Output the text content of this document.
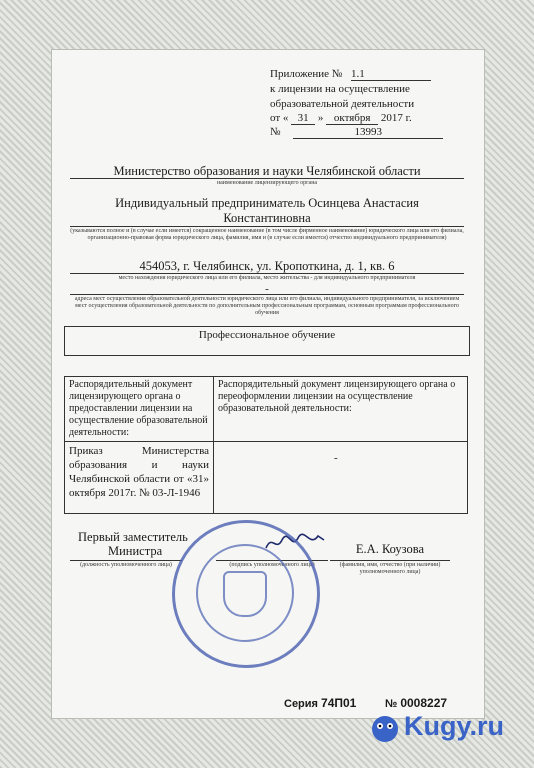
Приложение № 1.1
к лицензии на осуществление
образовательной деятельности
от « 31 » октября 2017 г.
№	13993
Министерство образования и науки Челябинской области
наименование лицензирующего органа
Индивидуальный предприниматель Осинцева Анастасия
Константиновна
(указываются полное и (в случае если имеется) сокращенное наименование (в том числе фирменное наименование) юридического лица или его филиала, организационно-правовая форма юридического лица, фамилия, имя и (в случае если имеется) отчество индивидуального предпринимателя)
454053, г. Челябинск, ул. Кропоткина, д. 1, кв. 6
место нахождения юридического лица или его филиала, место жительства - для индивидуального предпринимателя
-
адреса мест осуществления образовательной деятельности юридического лица или его филиала, индивидуального предпринимателя, за исключением мест осуществления образовательной деятельности по дополнительным профессиональным программам, основным программам профессионального обучения
Профессиональное обучение
Распорядительный документ лицензирующего органа о предоставлении лицензии на осуществление образовательной деятельности:	Распорядительный документ лицензирующего органа о переоформлении лицензии на осуществление образовательной деятельности:
Приказ Министерства образования и науки Челябинской области от «31» октября 2017г. № 03-Л-1946	-
Первый заместитель
Министра
(должность уполномоченного лица)	(подпись уполномоченного лица)
Е.А. Коузова
(фамилия, имя, отчество (при наличии) уполномоченного лица)
Серия 74П01	№ 0008227
Kugy.ru
